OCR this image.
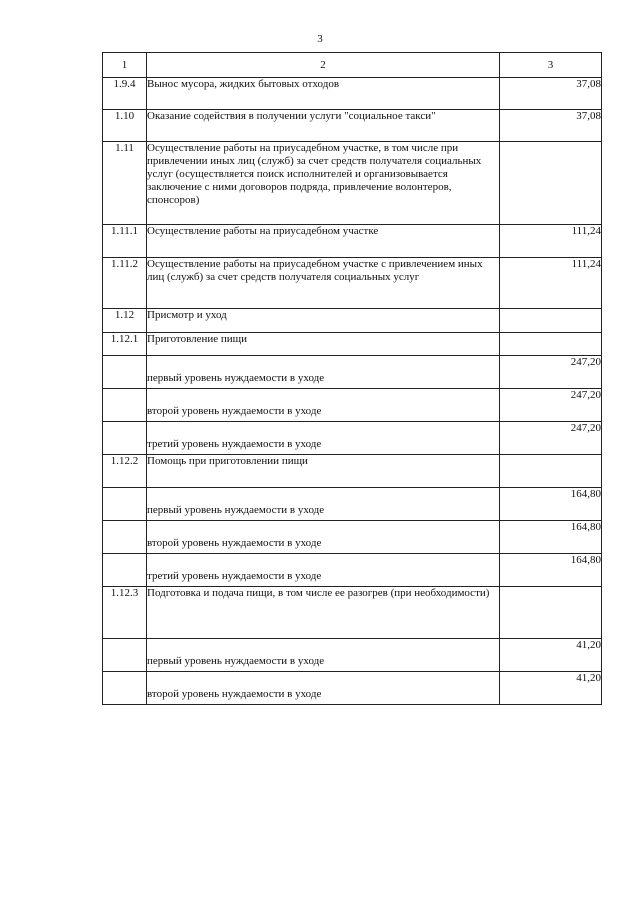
3
1	2	3
1.9.4	Вынос мусора, жидких бытовых отходов	37,08
1.10	Оказание содействия в получении услуги "социальное такси"	37,08
1.11	Осуществление работы на приусадебном участке, в том числе при привлечении иных лиц (служб) за счет средств получателя социальных услуг (осуществляется поиск исполнителей и организовывается заключение с ними договоров подряда, привлечение волонтеров, спонсоров)	
1.11.1	Осуществление работы на приусадебном участке	111,24
1.11.2	Осуществление работы на приусадебном участке с привлечением иных лиц (служб) за счет средств получателя социальных услуг	111,24
1.12	Присмотр и уход	
1.12.1	Приготовление пищи	
	первый уровень нуждаемости в уходе	247,20
	второй уровень нуждаемости в уходе	247,20
	третий уровень нуждаемости в уходе	247,20
1.12.2	Помощь при приготовлении пищи	
	первый уровень нуждаемости в уходе	164,80
	второй уровень нуждаемости в уходе	164,80
	третий уровень нуждаемости в уходе	164,80
1.12.3	Подготовка и подача пищи, в том числе ее разогрев (при необходимости)	
	первый уровень нуждаемости в уходе	41,20
	второй уровень нуждаемости в уходе	41,20
